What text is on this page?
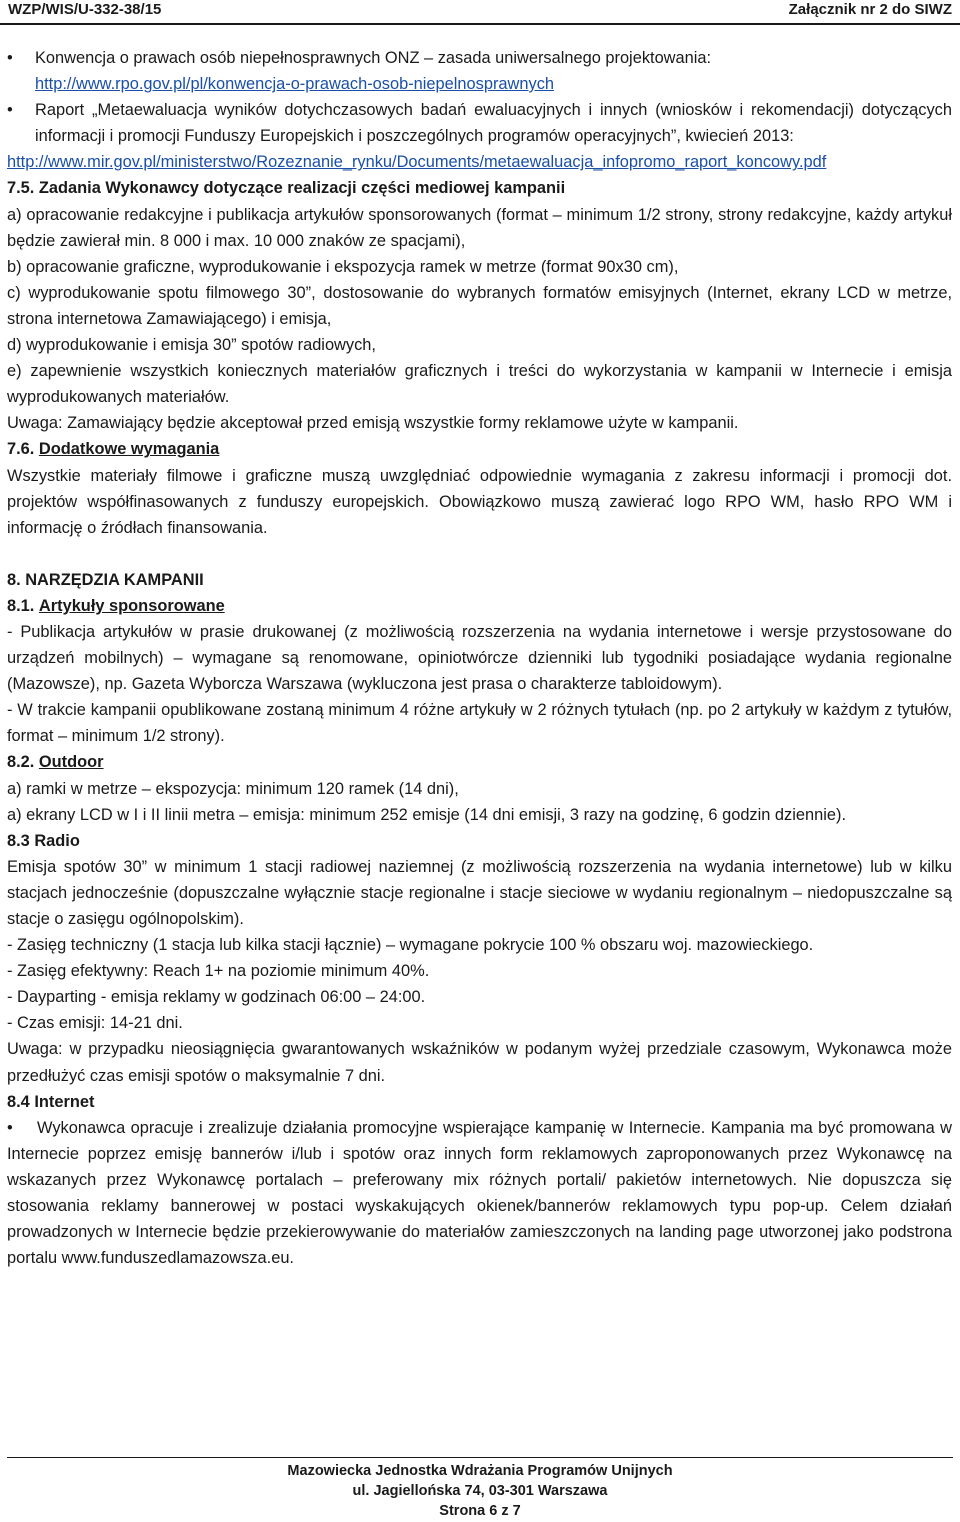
WZP/WIS/U-332-38/15	Załącznik nr 2 do SIWZ
•	Konwencja o prawach osób niepełnosprawnych ONZ – zasada uniwersalnego projektowania:
http://www.rpo.gov.pl/pl/konwencja-o-prawach-osob-niepelnosprawnych
•	Raport „Metaewaluacja wyników dotychczasowych badań ewaluacyjnych i innych (wniosków i rekomendacji) dotyczących informacji i promocji Funduszy Europejskich i poszczególnych programów operacyjnych”, kwiecień 2013:
http://www.mir.gov.pl/ministerstwo/Rozeznanie_rynku/Documents/metaewaluacja_infopromo_raport_koncowy.pdf
7.5. Zadania Wykonawcy dotyczące realizacji części mediowej kampanii
a) opracowanie redakcyjne i publikacja artykułów sponsorowanych (format – minimum 1/2 strony, strony redakcyjne, każdy artykuł będzie zawierał min. 8 000 i max. 10 000 znaków ze spacjami),
b) opracowanie graficzne, wyprodukowanie i ekspozycja ramek w metrze (format 90x30 cm),
c) wyprodukowanie spotu filmowego 30”, dostosowanie do wybranych formatów emisyjnych (Internet, ekrany LCD w metrze, strona internetowa Zamawiającego) i emisja,
d) wyprodukowanie i emisja 30” spotów radiowych,
e) zapewnienie wszystkich koniecznych materiałów graficznych i treści do wykorzystania w kampanii w Internecie i emisja wyprodukowanych materiałów.
Uwaga: Zamawiający będzie akceptował przed emisją wszystkie formy reklamowe użyte w kampanii.
7.6. Dodatkowe wymagania
Wszystkie materiały filmowe i graficzne muszą uwzględniać odpowiednie wymagania z zakresu informacji i promocji dot. projektów współfinasowanych z funduszy europejskich. Obowiązkowo muszą zawierać logo RPO WM, hasło RPO WM i informację o źródłach finansowania.
8. NARZĘDZIA KAMPANII
8.1. Artykuły sponsorowane
- Publikacja artykułów w prasie drukowanej (z możliwością rozszerzenia na wydania internetowe i wersje przystosowane do urządzeń mobilnych) – wymagane są renomowane, opiniotwórcze dzienniki lub tygodniki posiadające wydania regionalne (Mazowsze), np. Gazeta Wyborcza Warszawa (wykluczona jest prasa o charakterze tabloidowym).
- W trakcie kampanii opublikowane zostaną minimum 4 różne artykuły w 2 różnych tytułach (np. po 2 artykuły w każdym z tytułów, format – minimum 1/2 strony).
8.2. Outdoor
a) ramki w metrze – ekspozycja: minimum 120 ramek (14 dni),
a) ekrany LCD w I i II linii metra – emisja: minimum 252 emisje (14 dni emisji, 3 razy na godzinę, 6 godzin dziennie).
8.3 Radio
Emisja spotów 30” w minimum 1 stacji radiowej naziemnej (z możliwością rozszerzenia na wydania internetowe) lub w kilku stacjach jednocześnie (dopuszczalne wyłącznie stacje regionalne i stacje sieciowe w wydaniu regionalnym – niedopuszczalne są stacje o zasięgu ogólnopolskim).
- Zasięg techniczny (1 stacja lub kilka stacji łącznie) – wymagane pokrycie 100 % obszaru woj. mazowieckiego.
- Zasięg efektywny: Reach 1+ na poziomie minimum 40%.
- Dayparting - emisja reklamy w godzinach 06:00 – 24:00.
- Czas emisji: 14-21 dni.
Uwaga: w przypadku nieosiągnięcia gwarantowanych wskaźników w podanym wyżej przedziale czasowym, Wykonawca może przedłużyć czas emisji spotów o maksymalnie 7 dni.
8.4 Internet
• Wykonawca opracuje i zrealizuje działania promocyjne wspierające kampanię w Internecie. Kampania ma być promowana w Internecie poprzez emisję bannerów i/lub i spotów oraz innych form reklamowych zaproponowanych przez Wykonawcę na wskazanych przez Wykonawcę portalach – preferowany mix różnych portali/ pakietów internetowych. Nie dopuszcza się stosowania reklamy bannerowej w postaci wyskakujących okienek/bannerów reklamowych typu pop-up. Celem działań prowadzonych w Internecie będzie przekierowywanie do materiałów zamieszczonych na landing page utworzonej jako podstrona portalu www.funduszedlamazowsza.eu.
Mazowiecka Jednostka Wdrażania Programów Unijnych
ul. Jagiellońska 74, 03-301 Warszawa
Strona 6 z 7
